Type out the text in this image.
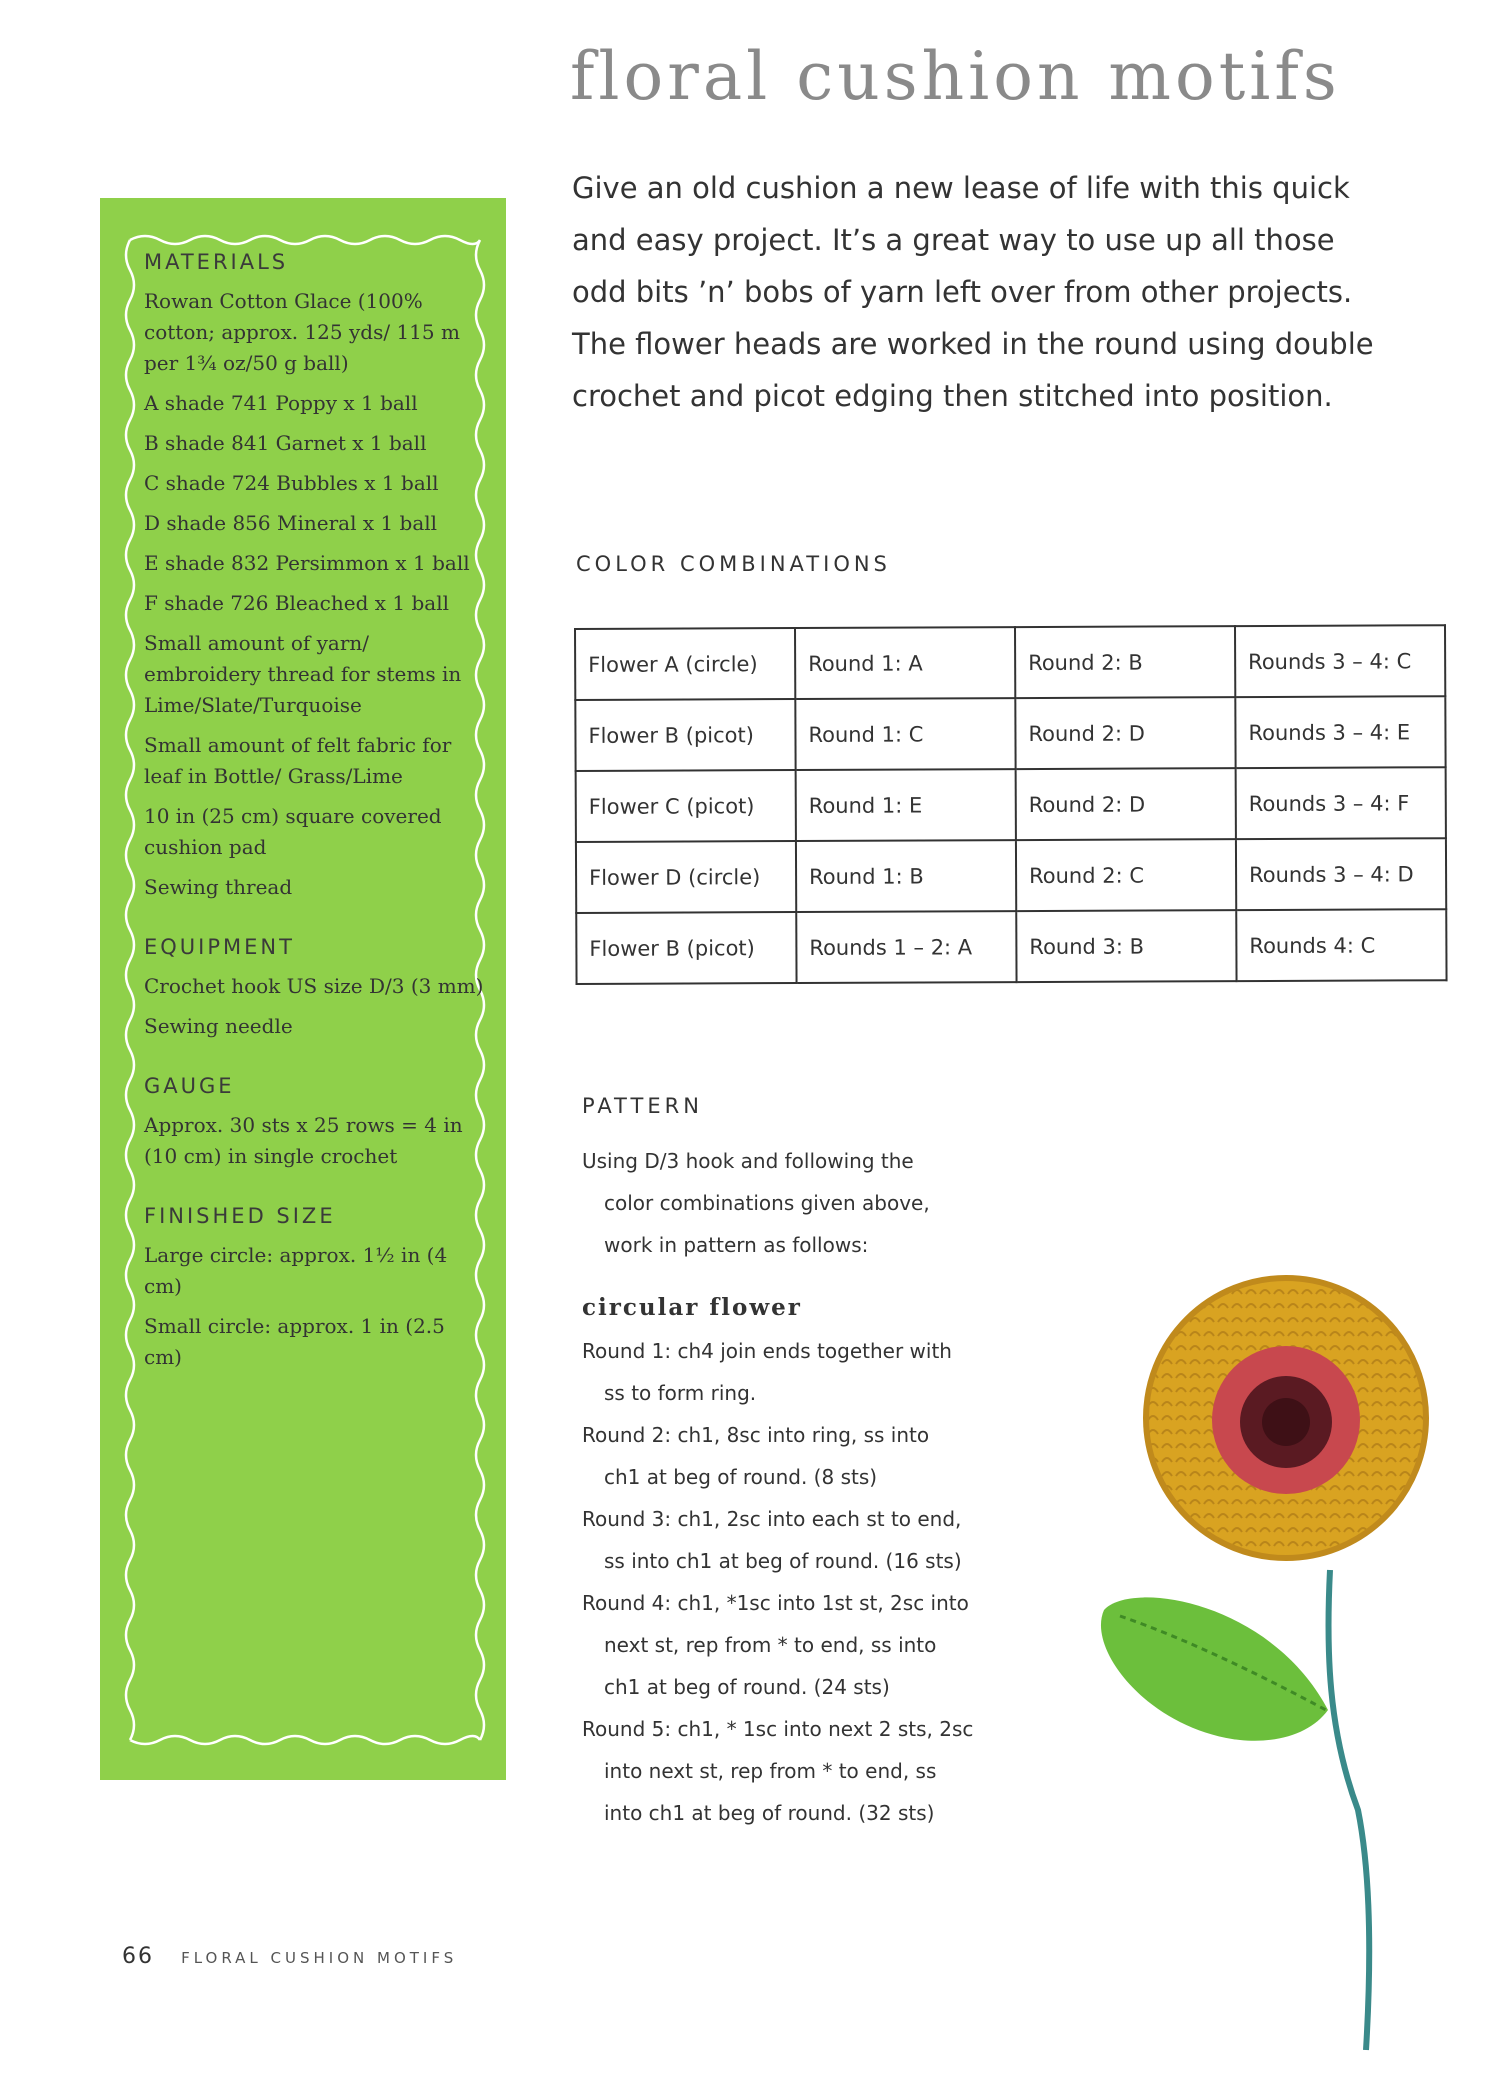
floral cushion motifs

Give an old cushion a new lease of life with this quick

and easy project. It’s a great way to use up all those

odd bits ’n’ bobs of yarn left over from other projects.

The flower heads are worked in the round using double

crochet and picot edging then stitched into position.

MATERIALS
Rowan Cotton Glace (100% cotton; approx. 125 yds/ 115 m per 1¾ oz/50 g ball)
A shade 741 Poppy x 1 ball
B shade 841 Garnet x 1 ball
C shade 724 Bubbles x 1 ball
D shade 856 Mineral x 1 ball
E shade 832 Persimmon x 1 ball
F shade 726 Bleached x 1 ball
Small amount of yarn/ embroidery thread for stems in Lime/Slate/Turquoise
Small amount of felt fabric for leaf in Bottle/ Grass/Lime
10 in (25 cm) square covered cushion pad
Sewing thread
EQUIPMENT
Crochet hook US size D/3 (3 mm)
Sewing needle
GAUGE
Approx. 30 sts x 25 rows = 4 in (10 cm) in single crochet
FINISHED SIZE
Large circle: approx. 1½ in (4 cm)
Small circle: approx. 1 in (2.5 cm)
COLOR COMBINATIONS
Flower A (circle)	Round 1: A	Round 2: B	Rounds 3 – 4: C
Flower B (picot)	Round 1: C	Round 2: D	Rounds 3 – 4: E
Flower C (picot)	Round 1: E	Round 2: D	Rounds 3 – 4: F
Flower D (circle)	Round 1: B	Round 2: C	Rounds 3 – 4: D
Flower B (picot)	Rounds 1 – 2: A	Round 3: B	Rounds 4: C
PATTERN
Using D/3 hook and following the
color combinations given above,
work in pattern as follows:
circular flower
Round 1: ch4 join ends together with
ss to form ring.
Round 2: ch1, 8sc into ring, ss into
ch1 at beg of round. (8 sts)
Round 3: ch1, 2sc into each st to end,
ss into ch1 at beg of round. (16 sts)
Round 4: ch1, *1sc into 1st st, 2sc into
next st, rep from * to end, ss into
ch1 at beg of round. (24 sts)
Round 5: ch1, * 1sc into next 2 sts, 2sc
into next st, rep from * to end, ss
into ch1 at beg of round. (32 sts)
66 FLORAL CUSHION MOTIFS
